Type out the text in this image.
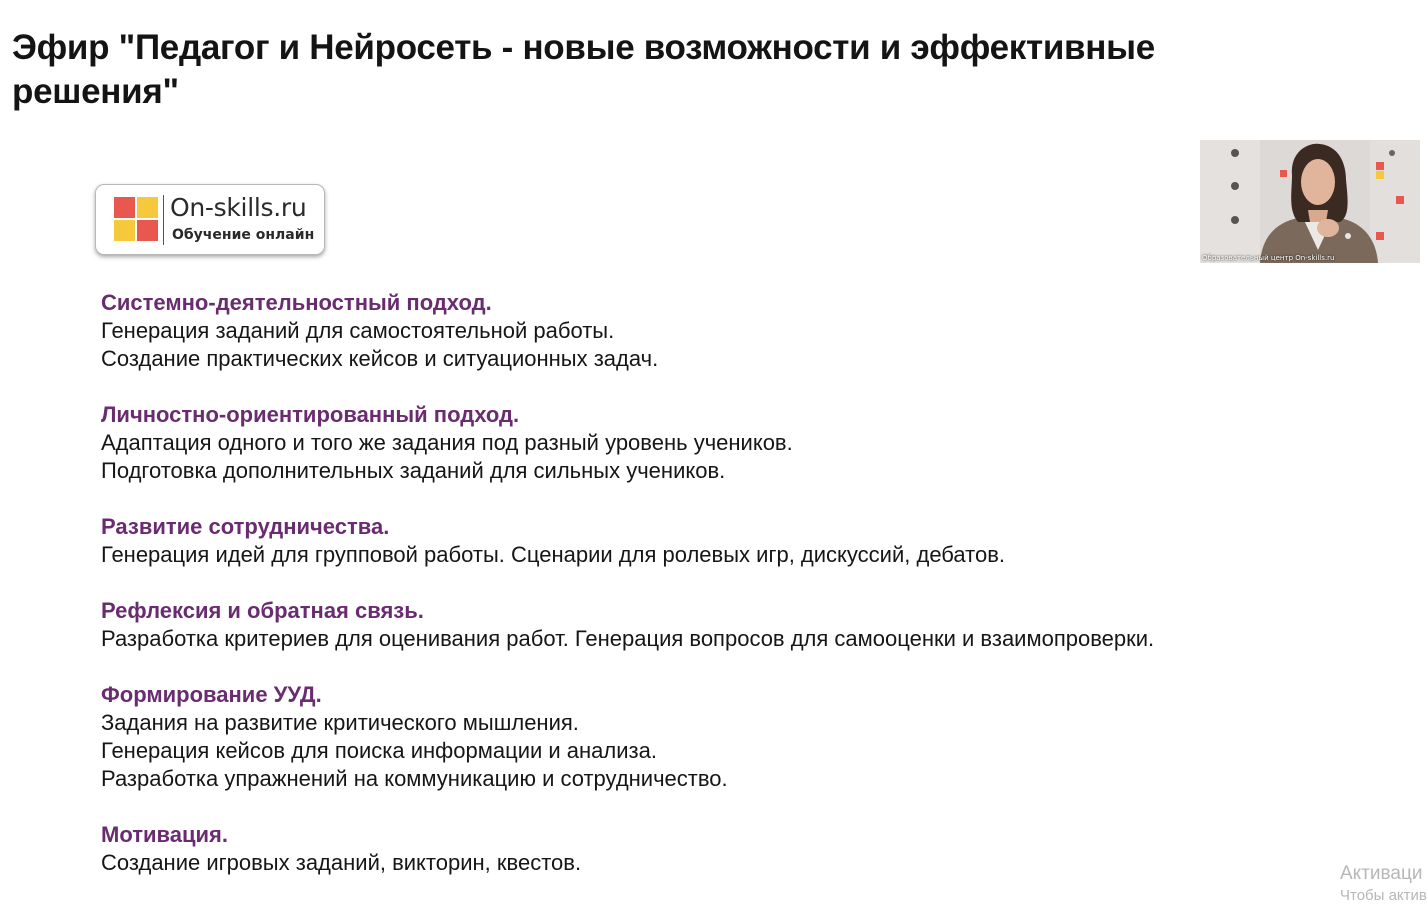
Эфир "Педагог и Нейросеть - новые возможности и эффективные решения"
On-skills.ru
Обучение онлайн
Образовательный центр On-skills.ru
Системно-деятельностный подход.
Генерация заданий для самостоятельной работы.
Создание практических кейсов и ситуационных задач.
Личностно-ориентированный подход.
Адаптация одного и того же задания под разный уровень учеников.
Подготовка дополнительных заданий для сильных учеников.
Развитие сотрудничества.
Генерация идей для групповой работы. Сценарии для ролевых игр, дискуссий, дебатов.
Рефлексия и обратная связь.
Разработка критериев для оценивания работ. Генерация вопросов для самооценки и взаимопроверки.
Формирование УУД.
Задания на развитие критического мышления.
Генерация кейсов для поиска информации и анализа.
Разработка упражнений на коммуникацию и сотрудничество.
Мотивация.
Создание игровых заданий, викторин, квестов.	Активаци
Чтобы актив
